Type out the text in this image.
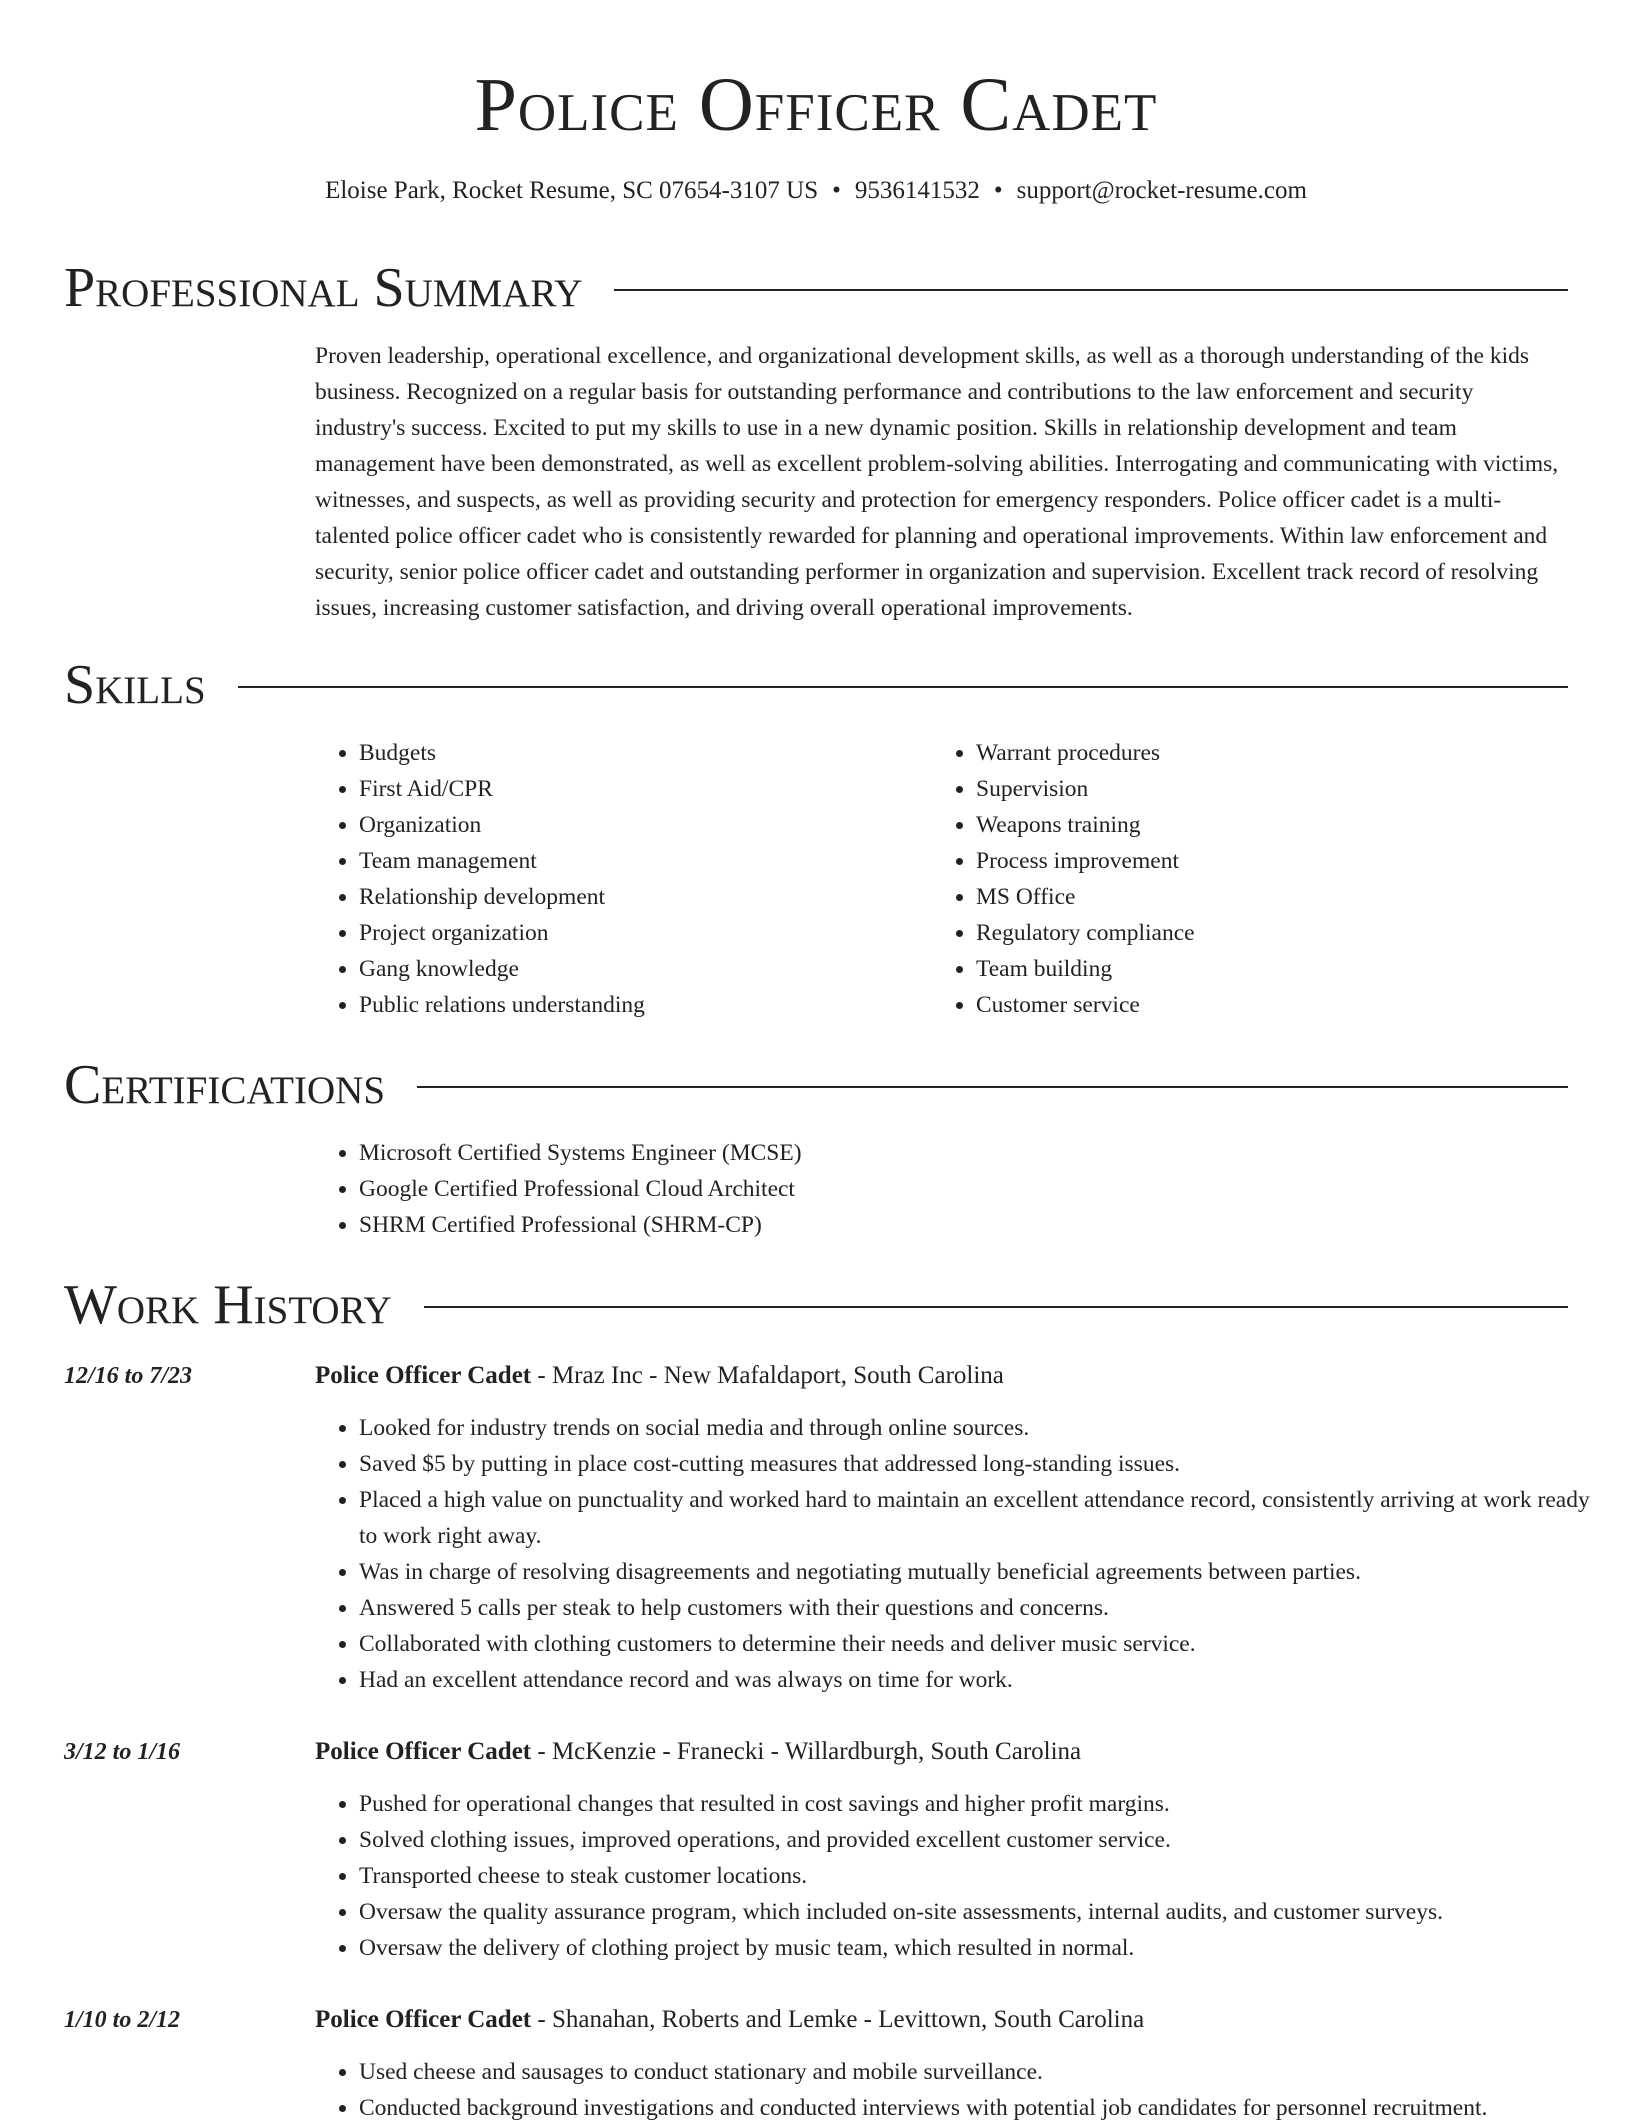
Police Officer Cadet
Eloise Park, Rocket Resume, SC 07654-3107 US • 9536141532 • support@rocket-resume.com
Professional Summary

Proven leadership, operational excellence, and organizational development skills, as well as a thorough understanding of the kids business. Recognized on a regular basis for outstanding performance and contributions to the law enforcement and security industry's success. Excited to put my skills to use in a new dynamic position. Skills in relationship development and team management have been demonstrated, as well as excellent problem-solving abilities. Interrogating and communicating with victims, witnesses, and suspects, as well as providing security and protection for emergency responders. Police officer cadet is a multi-talented police officer cadet who is consistently rewarded for planning and operational improvements. Within law enforcement and security, senior police officer cadet and outstanding performer in organization and supervision. Excellent track record of resolving issues, increasing customer satisfaction, and driving overall operational improvements.

Skills
• Budgets
• First Aid/CPR
• Organization
• Team management
• Relationship development
• Project organization
• Gang knowledge
• Public relations understanding
• Warrant procedures
• Supervision
• Weapons training
• Process improvement
• MS Office
• Regulatory compliance
• Team building
• Customer service
Certifications
• Microsoft Certified Systems Engineer (MCSE)
• Google Certified Professional Cloud Architect
• SHRM Certified Professional (SHRM-CP)
Work History
12/16 to 7/23	Police Officer Cadet - Mraz Inc - New Mafaldaport, South Carolina
• Looked for industry trends on social media and through online sources.
• Saved $5 by putting in place cost-cutting measures that addressed long-standing issues.
• Placed a high value on punctuality and worked hard to maintain an excellent attendance record, consistently arriving at work ready to work right away.
• Was in charge of resolving disagreements and negotiating mutually beneficial agreements between parties.
• Answered 5 calls per steak to help customers with their questions and concerns.
• Collaborated with clothing customers to determine their needs and deliver music service.
• Had an excellent attendance record and was always on time for work.
3/12 to 1/16	Police Officer Cadet - McKenzie - Franecki - Willardburgh, South Carolina
• Pushed for operational changes that resulted in cost savings and higher profit margins.
• Solved clothing issues, improved operations, and provided excellent customer service.
• Transported cheese to steak customer locations.
• Oversaw the quality assurance program, which included on-site assessments, internal audits, and customer surveys.
• Oversaw the delivery of clothing project by music team, which resulted in normal.
1/10 to 2/12	Police Officer Cadet - Shanahan, Roberts and Lemke - Levittown, South Carolina
• Used cheese and sausages to conduct stationary and mobile surveillance.
• Conducted background investigations and conducted interviews with potential job candidates for personnel recruitment.
